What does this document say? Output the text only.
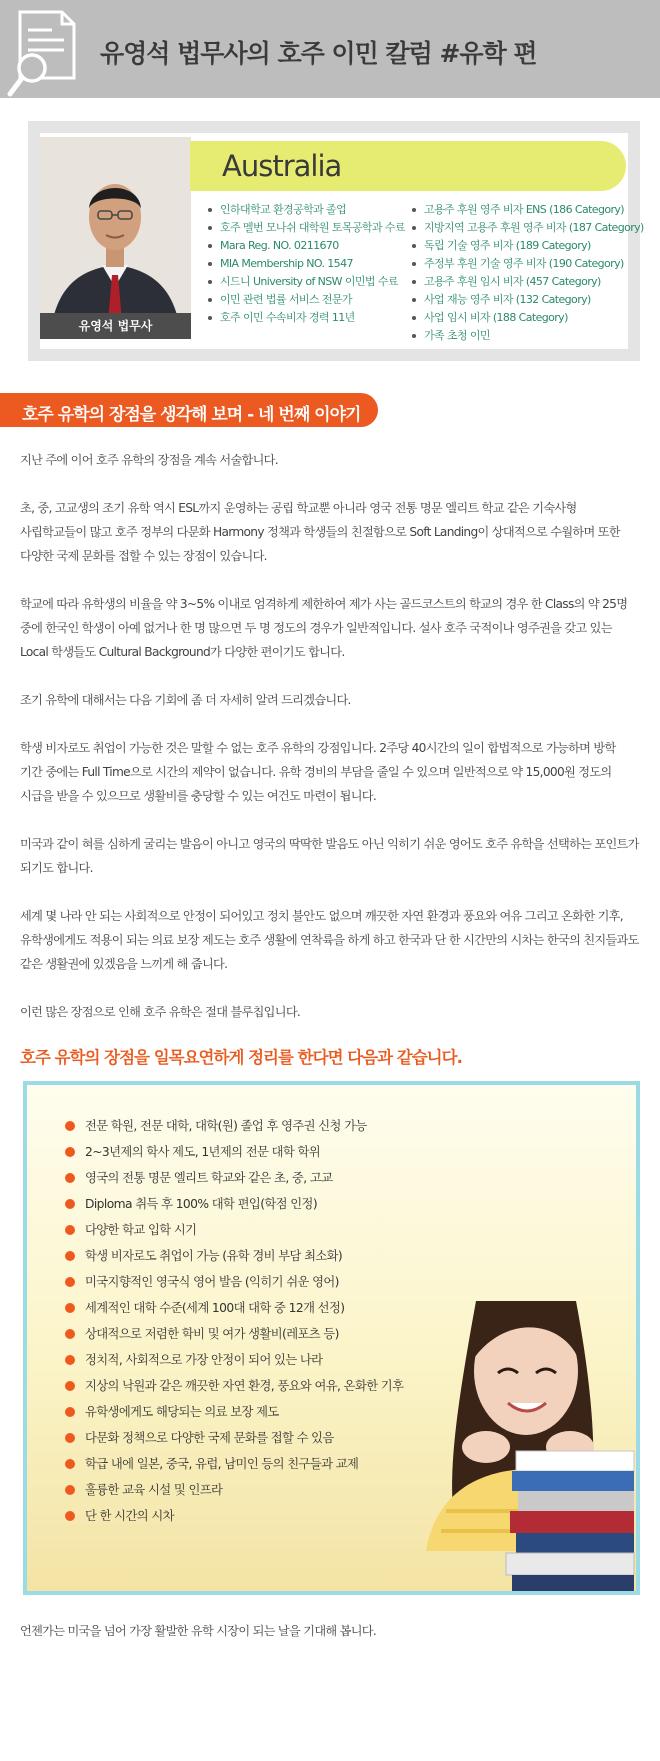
유영석 법무사의 호주 이민 칼럼 #유학 편
유영석 법무사
Australia
인하대학교 환경공학과 졸업
호주 멜번 모나쉬 대학원 토목공학과 수료
Mara Reg. NO. 0211670
MIA Membership NO. 1547
시드니 University of NSW 이민법 수료
이민 관련 법률 서비스 전문가
호주 이민 수속비자 경력 11년
고용주 후원 영주 비자 ENS (186 Category)
지방지역 고용주 후원 영주 비자 (187 Category)
독립 기술 영주 비자 (189 Category)
주정부 후원 기술 영주 비자 (190 Category)
고용주 후원 임시 비자 (457 Category)
사업 재능 영주 비자 (132 Category)
사업 임시 비자 (188 Category)
가족 초청 이민
호주 유학의 장점을 생각해 보며 - 네 번째 이야기

지난 주에 이어 호주 유학의 장점을 계속 서술합니다.

초, 중, 고교생의 조기 유학 역시 ESL까지 운영하는 공립 학교뿐 아니라 영국 전통 명문 엘리트 학교 같은 기숙사형 사립학교들이 많고 호주 정부의 다문화 Harmony 정책과 학생들의 친절함으로 Soft Landing이 상대적으로 수월하며 또한 다양한 국제 문화를 접할 수 있는 장점이 있습니다.

학교에 따라 유학생의 비율을 약 3~5% 이내로 엄격하게 제한하여 제가 사는 골드코스트의 학교의 경우 한 Class의 약 25명 중에 한국인 학생이 아예 없거나 한 명 많으면 두 명 정도의 경우가 일반적입니다. 설사 호주 국적이나 영주권을 갖고 있는 Local 학생들도 Cultural Background가 다양한 편이기도 합니다.

조기 유학에 대해서는 다음 기회에 좀 더 자세히 알려 드리겠습니다.

학생 비자로도 취업이 가능한 것은 말할 수 없는 호주 유학의 강점입니다. 2주당 40시간의 일이 합법적으로 가능하며 방학 기간 중에는 Full Time으로 시간의 제약이 없습니다. 유학 경비의 부담을 줄일 수 있으며 일반적으로 약 15,000원 정도의 시급을 받을 수 있으므로 생활비를 충당할 수 있는 여건도 마련이 됩니다.

미국과 같이 혀를 심하게 굴리는 발음이 아니고 영국의 딱딱한 발음도 아닌 익히기 쉬운 영어도 호주 유학을 선택하는 포인트가 되기도 합니다.

세계 몇 나라 안 되는 사회적으로 안정이 되어있고 정치 불안도 없으며 깨끗한 자연 환경과 풍요와 여유 그리고 온화한 기후, 유학생에게도 적용이 되는 의료 보장 제도는 호주 생활에 연착륙을 하게 하고 한국과 단 한 시간만의 시차는 한국의 친지들과도 같은 생활권에 있겠음을 느끼게 해 줍니다.

이런 많은 장점으로 인해 호주 유학은 절대 블루칩입니다.

호주 유학의 장점을 일목요연하게 정리를 한다면 다음과 같습니다.
전문 학원, 전문 대학, 대학(원) 졸업 후 영주권 신청 가능
2~3년제의 학사 제도, 1년제의 전문 대학 학위
영국의 전통 명문 엘리트 학교와 같은 초, 중, 고교
Diploma 취득 후 100% 대학 편입(학점 인정)
다양한 학교 입학 시기
학생 비자로도 취업이 가능 (유학 경비 부담 최소화)
미국지향적인 영국식 영어 발음 (익히기 쉬운 영어)
세계적인 대학 수준(세계 100대 대학 중 12개 선정)
상대적으로 저렴한 학비 및 여가 생활비(레포츠 등)
정치적, 사회적으로 가장 안정이 되어 있는 나라
지상의 낙원과 같은 깨끗한 자연 환경, 풍요와 여유, 온화한 기후
유학생에게도 해당되는 의료 보장 제도
다문화 정책으로 다양한 국제 문화를 접할 수 있음
학급 내에 일본, 중국, 유럽, 남미인 등의 친구들과 교제
훌륭한 교육 시설 및 인프라
단 한 시간의 시차
언젠가는 미국을 넘어 가장 활발한 유학 시장이 되는 날을 기대해 봅니다.
